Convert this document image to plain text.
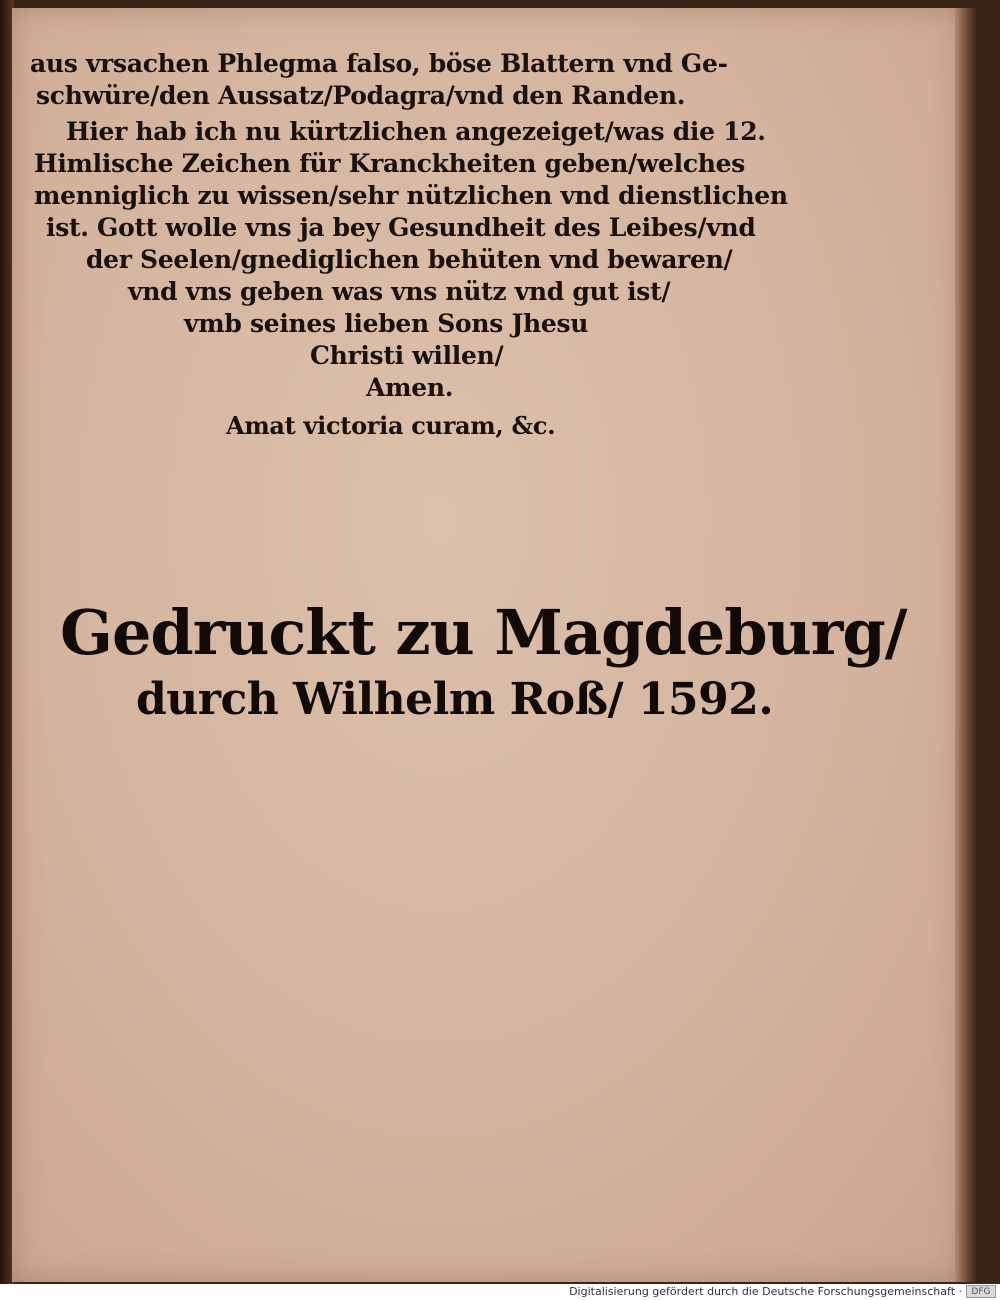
aus vrsachen Phlegma falso, böse Blattern vnd Ge-
schwüre/den Aussatz/Podagra/vnd den Randen.
Hier hab ich nu kürtzlichen angezeiget/was die 12.
Himlische Zeichen für Kranckheiten geben/welches
menniglich zu wissen/sehr nützlichen vnd dienstlichen
ist. Gott wolle vns ja bey Gesundheit des Leibes/vnd
der Seelen/gnediglichen behüten vnd bewaren/
vnd vns geben was vns nütz vnd gut ist/
vmb seines lieben Sons Jhesu
Christi willen/
Amen.
Amat victoria curam, &c.
Gedruckt zu Magdeburg/
durch Wilhelm Roß/ 1592.
Digitalisierung gefördert durch die Deutsche Forschungsgemeinschaft ·	DFG
